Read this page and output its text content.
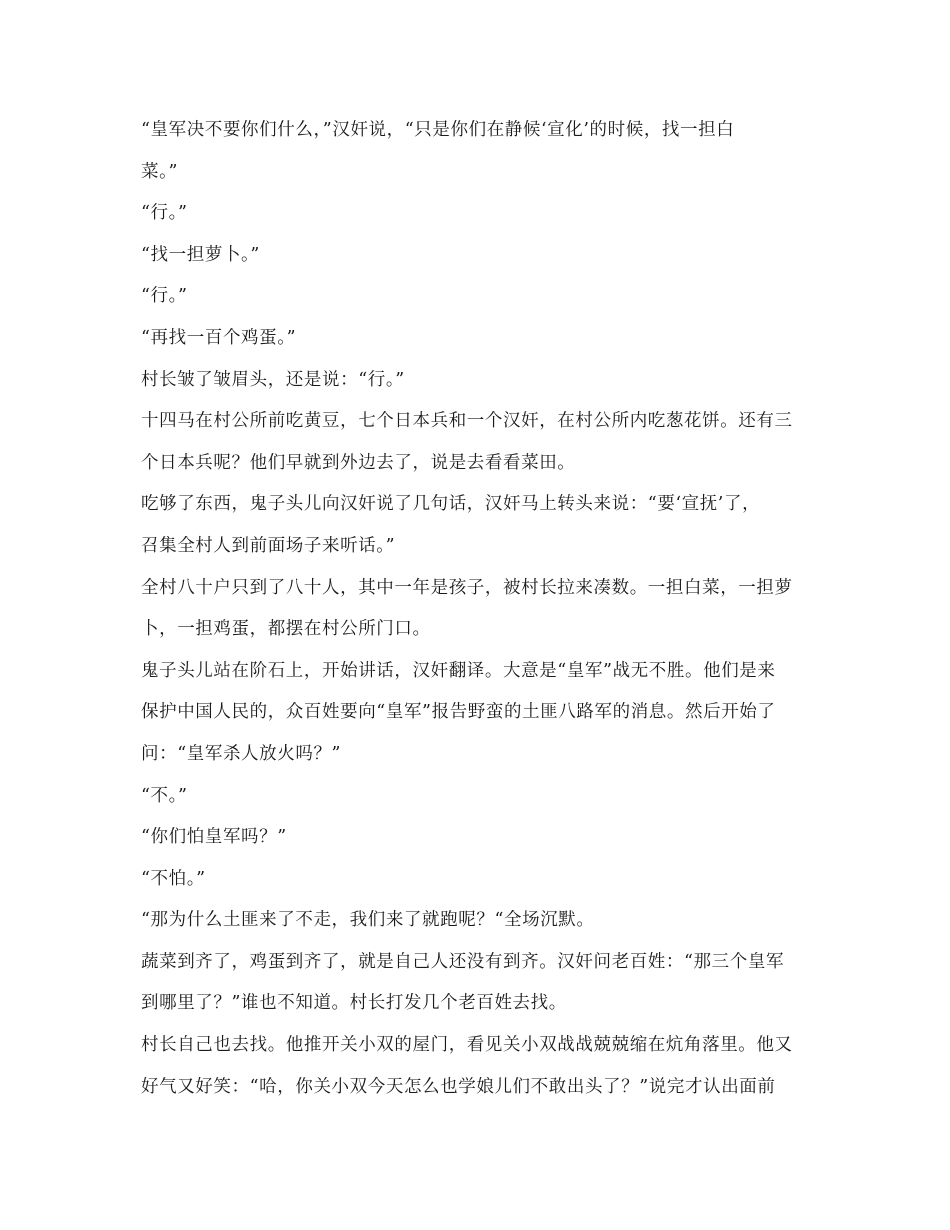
“皇军决不要你们什么，”汉奸说，“只是你们在静候‘宣化’的时候，找一担白
菜。”
“行。”
“找一担萝卜。”
“行。”
“再找一百个鸡蛋。”
村长皱了皱眉头，还是说：“行。”
十四马在村公所前吃黄豆，七个日本兵和一个汉奸，在村公所内吃葱花饼。还有三
个日本兵呢？他们早就到外边去了，说是去看看菜田。
吃够了东西，鬼子头儿向汉奸说了几句话，汉奸马上转头来说：“要‘宣抚’了，
召集全村人到前面场子来听话。”
全村八十户只到了八十人，其中一年是孩子，被村长拉来凑数。一担白菜，一担萝
卜，一担鸡蛋，都摆在村公所门口。
鬼子头儿站在阶石上，开始讲话，汉奸翻译。大意是“皇军”战无不胜。他们是来
保护中国人民的，众百姓要向“皇军”报告野蛮的土匪八路军的消息。然后开始了
问：“皇军杀人放火吗？”
“不。”
“你们怕皇军吗？”
“不怕。”
“那为什么土匪来了不走，我们来了就跑呢？“全场沉默。
蔬菜到齐了，鸡蛋到齐了，就是自己人还没有到齐。汉奸问老百姓：“那三个皇军
到哪里了？”谁也不知道。村长打发几个老百姓去找。
村长自己也去找。他推开关小双的屋门，看见关小双战战兢兢缩在炕角落里。他又
好气又好笑：“哈，你关小双今天怎么也学娘儿们不敢出头了？”说完才认出面前
